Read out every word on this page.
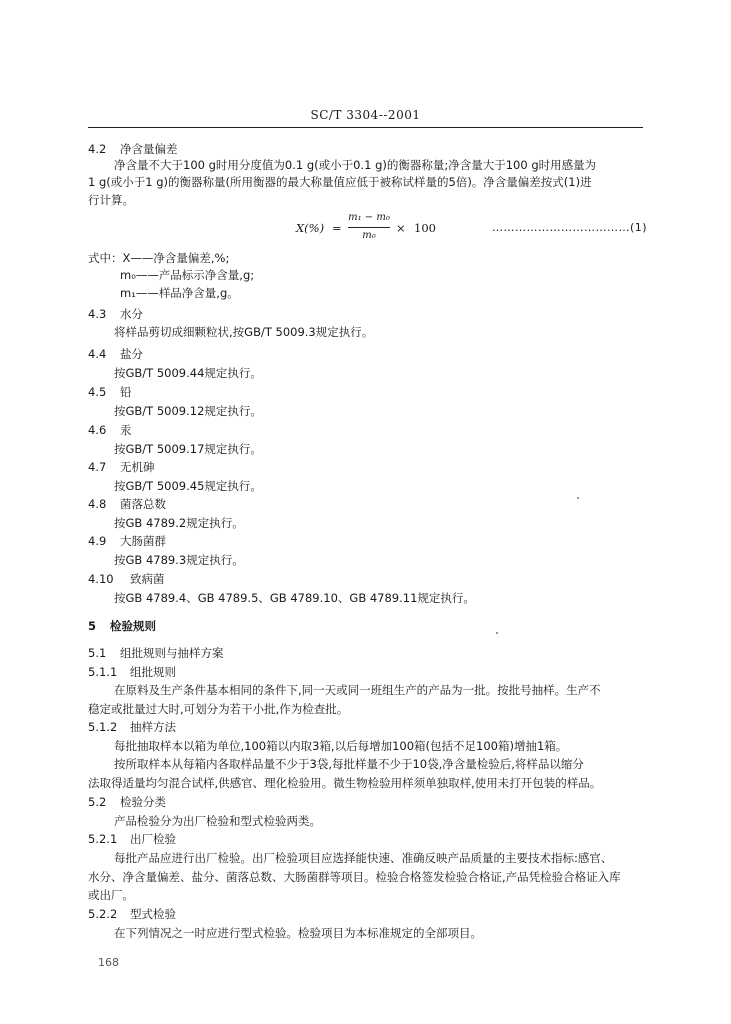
SC/T 3304--2001
4.2 净含量偏差
净含量不大于100 g时用分度值为0.1 g(或小于0.1 g)的衡器称量;净含量大于100 g时用感量为
1 g(或小于1 g)的衡器称量(所用衡器的最大称量值应低于被称试样量的5倍)。净含量偏差按式(1)进
行计算。
X(%) =
m₁ − m₀
m₀
× 100	………………………………(1)
式中：X——净含量偏差,%;
m₀——产品标示净含量,g;
m₁——样品净含量,g。
4.3 水分
将样品剪切成细颗粒状,按GB/T 5009.3规定执行。
4.4 盐分
按GB/T 5009.44规定执行。
4.5 铅
按GB/T 5009.12规定执行。
4.6 汞
按GB/T 5009.17规定执行。
4.7 无机砷
按GB/T 5009.45规定执行。
4.8 菌落总数
按GB 4789.2规定执行。
4.9 大肠菌群
按GB 4789.3规定执行。
4.10 致病菌
按GB 4789.4、GB 4789.5、GB 4789.10、GB 4789.11规定执行。
5 检验规则
5.1 组批规则与抽样方案
5.1.1 组批规则
在原料及生产条件基本相同的条件下,同一天或同一班组生产的产品为一批。按批号抽样。生产不
稳定或批量过大时,可划分为若干小批,作为检查批。
5.1.2 抽样方法
每批抽取样本以箱为单位,100箱以内取3箱,以后每增加100箱(包括不足100箱)增抽1箱。
按所取样本从每箱内各取样品量不少于3袋,每批样量不少于10袋,净含量检验后,将样品以缩分
法取得适量均匀混合试样,供感官、理化检验用。微生物检验用样须单独取样,使用未打开包装的样品。
5.2 检验分类
产品检验分为出厂检验和型式检验两类。
5.2.1 出厂检验
每批产品应进行出厂检验。出厂检验项目应选择能快速、准确反映产品质量的主要技术指标:感官、
水分、净含量偏差、盐分、菌落总数、大肠菌群等项目。检验合格签发检验合格证,产品凭检验合格证入库
或出厂。
5.2.2 型式检验
在下列情况之一时应进行型式检验。检验项目为本标准规定的全部项目。
168
